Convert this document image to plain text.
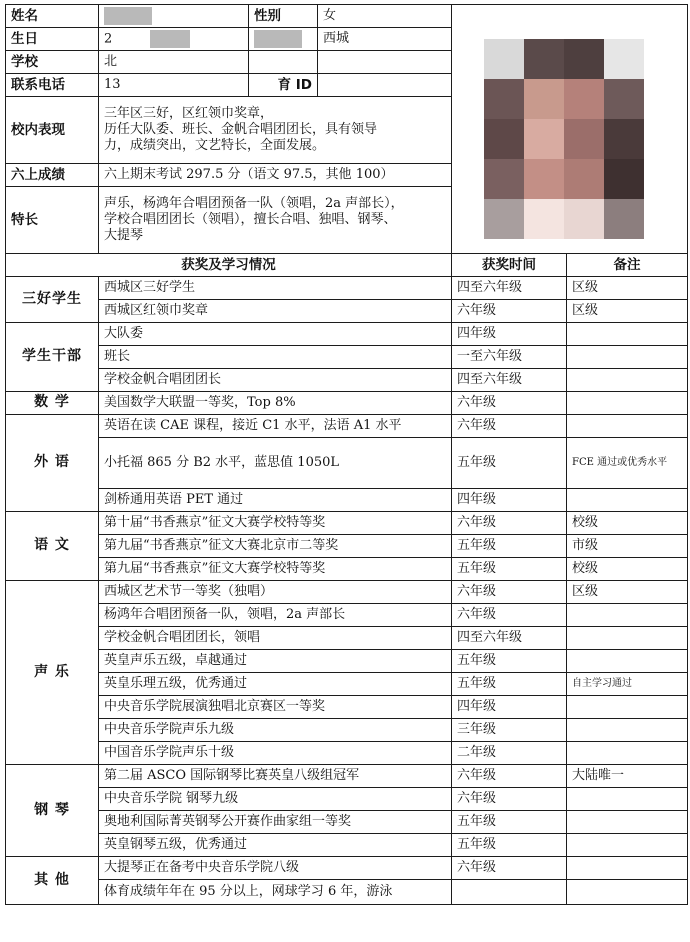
姓名		性别	女	

生日	2		西城		
学校	北				
联系电话	13	育 ID			
校内表现	三年区三好，区红领巾奖章，
历任大队委、班长、金帆合唱团团长，具有领导
力，成绩突出，文艺特长，全面发展。				

六上成绩	六上期末考试 297.5 分（语文 97.5，其他 100）				
特长	声乐，杨鸿年合唱团预备一队（领唱，2a 声部长），
学校合唱团团长（领唱），擅长合唱、独唱、钢琴、
大提琴				

获奖及学习情况				获奖时间	备注
三好学生	西城区三好学生			四至六年级	区级
	西城区红领巾奖章			六年级	区级
学生干部	大队委			四年级	
	班长			一至六年级	
	学校金帆合唱团团长			四至六年级	
数 学	美国数学大联盟一等奖，Top 8%			六年级	
外 语	英语在读 CAE 课程，接近 C1 水平，法语 A1 水平			六年级	
	小托福 865 分 B2 水平，蓝思值 1050L			五年级	FCE 通过或优秀水平
	剑桥通用英语 PET 通过			四年级	
语 文	第十届“书香燕京”征文大赛学校特等奖			六年级	校级
	第九届“书香燕京”征文大赛北京市二等奖			五年级	市级
	第九届“书香燕京”征文大赛学校特等奖			五年级	校级
声 乐	西城区艺术节一等奖（独唱）			六年级	区级
	杨鸿年合唱团预备一队，领唱，2a 声部长			六年级	
	学校金帆合唱团团长，领唱			四至六年级	
	英皇声乐五级，卓越通过			五年级	
	英皇乐理五级，优秀通过			五年级	自主学习通过
	中央音乐学院展演独唱北京赛区一等奖			四年级	
	中央音乐学院声乐九级			三年级	
	中国音乐学院声乐十级			二年级	
钢 琴	第二届 ASCO 国际钢琴比赛英皇八级组冠军			六年级	大陆唯一
	中央音乐学院 钢琴九级			六年级	
	奥地利国际菁英钢琴公开赛作曲家组一等奖			五年级	
	英皇钢琴五级，优秀通过			五年级	
其 他	大提琴正在备考中央音乐学院八级			六年级	
	体育成绩年年在 95 分以上，网球学习 6 年，游泳				
